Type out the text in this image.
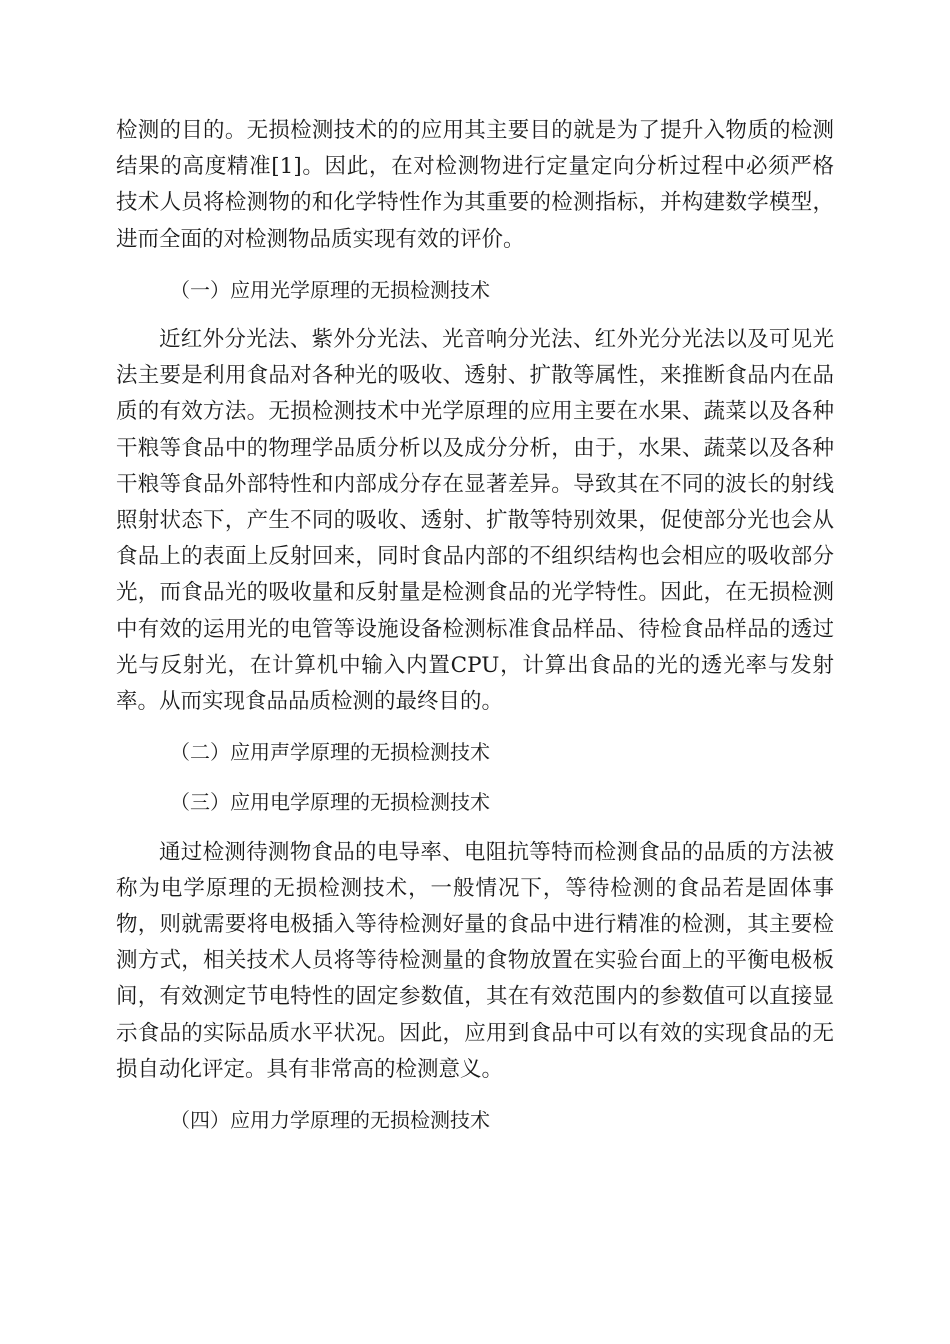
检测的目的。无损检测技术的的应用其主要目的就是为了提升入物质的检测结果的高度精准[1]。因此，在对检测物进行定量定向分析过程中必须严格技术人员将检测物的和化学特性作为其重要的检测指标，并构建数学模型，进而全面的对检测物品质实现有效的评价。

（一）应用光学原理的无损检测技术

近红外分光法、紫外分光法、光音响分光法、红外光分光法以及可见光法主要是利用食品对各种光的吸收、透射、扩散等属性，来推断食品内在品质的有效方法。无损检测技术中光学原理的应用主要在水果、蔬菜以及各种干粮等食品中的物理学品质分析以及成分分析，由于，水果、蔬菜以及各种干粮等食品外部特性和内部成分存在显著差异。导致其在不同的波长的射线照射状态下，产生不同的吸收、透射、扩散等特别效果，促使部分光也会从食品上的表面上反射回来，同时食品内部的不组织结构也会相应的吸收部分光，而食品光的吸收量和反射量是检测食品的光学特性。因此，在无损检测中有效的运用光的电管等设施设备检测标准食品样品、待检食品样品的透过光与反射光，在计算机中输入内置CPU，计算出食品的光的透光率与发射率。从而实现食品品质检测的最终目的。

（二）应用声学原理的无损检测技术

（三）应用电学原理的无损检测技术

通过检测待测物食品的电导率、电阻抗等特而检测食品的品质的方法被称为电学原理的无损检测技术，一般情况下，等待检测的食品若是固体事物，则就需要将电极插入等待检测好量的食品中进行精准的检测，其主要检测方式，相关技术人员将等待检测量的食物放置在实验台面上的平衡电极板间，有效测定节电特性的固定参数值，其在有效范围内的参数值可以直接显示食品的实际品质水平状况。因此，应用到食品中可以有效的实现食品的无损自动化评定。具有非常高的检测意义。

（四）应用力学原理的无损检测技术
